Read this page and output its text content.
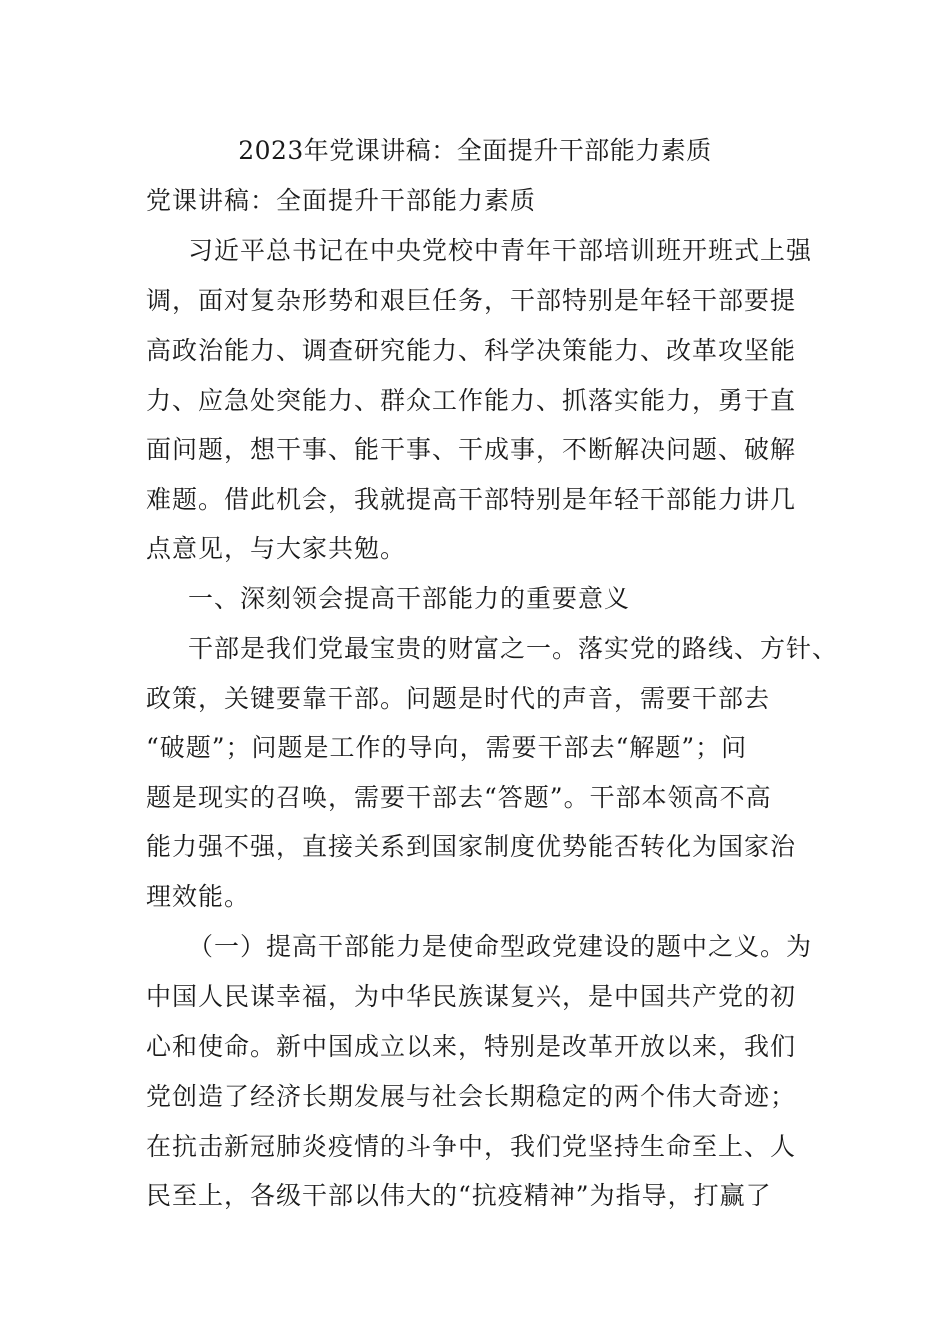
2023年党课讲稿：全面提升干部能力素质
党课讲稿：全面提升干部能力素质
习近平总书记在中央党校中青年干部培训班开班式上强
调，面对复杂形势和艰巨任务，干部特别是年轻干部要提
高政治能力、调查研究能力、科学决策能力、改革攻坚能
力、应急处突能力、群众工作能力、抓落实能力，勇于直
面问题，想干事、能干事、干成事，不断解决问题、破解
难题。借此机会，我就提高干部特别是年轻干部能力讲几
点意见，与大家共勉。
一、深刻领会提高干部能力的重要意义
干部是我们党最宝贵的财富之一。落实党的路线、方针、
政策，关键要靠干部。问题是时代的声音，需要干部去
“破题”；问题是工作的导向，需要干部去“解题”；问
题是现实的召唤，需要干部去“答题”。干部本领高不高
能力强不强，直接关系到国家制度优势能否转化为国家治
理效能。
（一）提高干部能力是使命型政党建设的题中之义。为
中国人民谋幸福，为中华民族谋复兴，是中国共产党的初
心和使命。新中国成立以来，特别是改革开放以来，我们
党创造了经济长期发展与社会长期稳定的两个伟大奇迹；
在抗击新冠肺炎疫情的斗争中，我们党坚持生命至上、人
民至上，各级干部以伟大的“抗疫精神”为指导，打赢了
